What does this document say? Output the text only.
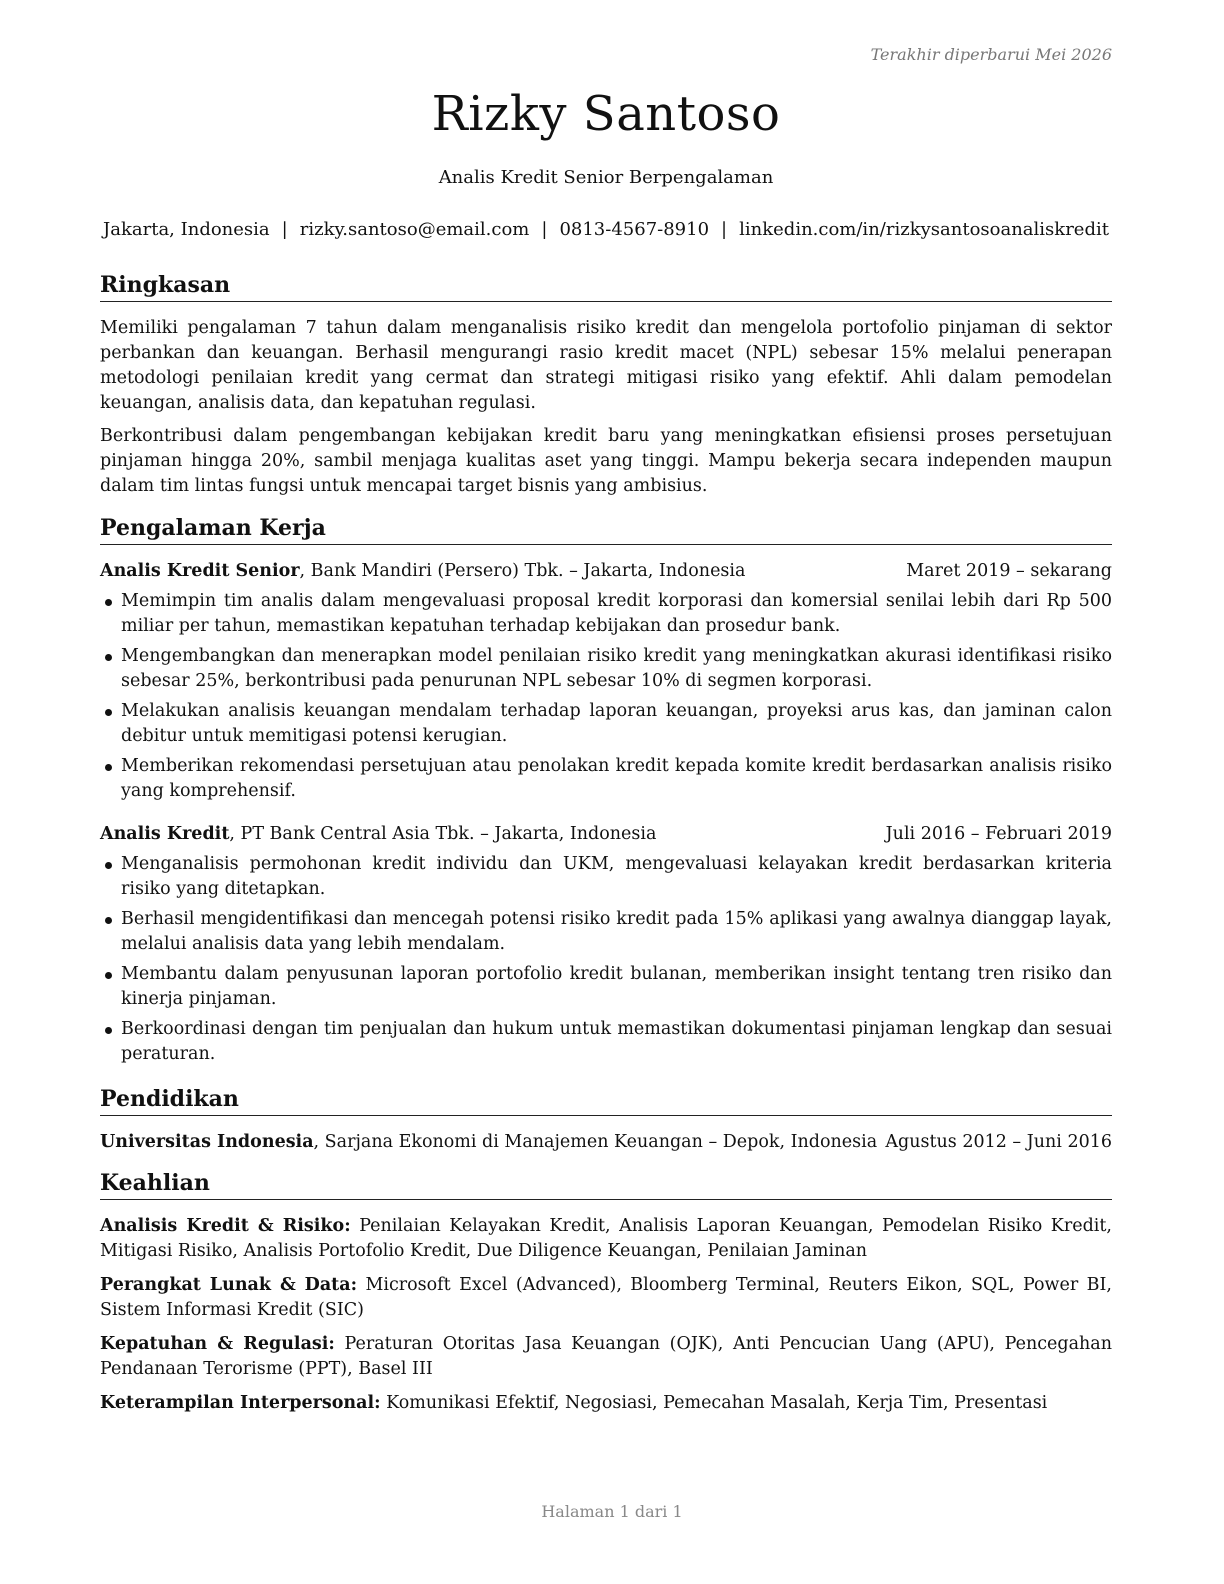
Terakhir diperbarui Mei 2026
Rizky Santoso
Analis Kredit Senior Berpengalaman
Jakarta, Indonesia | rizky.santoso@email.com | 0813-4567-8910 | linkedin.com/in/rizkysantosoanaliskredit
Ringkasan

Memiliki pengalaman 7 tahun dalam menganalisis risiko kredit dan mengelola portofolio pinjaman di sektor perbankan dan keuangan. Berhasil mengurangi rasio kredit macet (NPL) sebesar 15% melalui penerapan metodologi penilaian kredit yang cermat dan strategi mitigasi risiko yang efektif. Ahli dalam pemodelan keuangan, analisis data, dan kepatuhan regulasi.

Berkontribusi dalam pengembangan kebijakan kredit baru yang meningkatkan efisiensi proses persetujuan pinjaman hingga 20%, sambil menjaga kualitas aset yang tinggi. Mampu bekerja secara independen maupun dalam tim lintas fungsi untuk mencapai target bisnis yang ambisius.

Pengalaman Kerja
Analis Kredit Senior, Bank Mandiri (Persero) Tbk. – Jakarta, Indonesia	Maret 2019 – sekarang
Memimpin tim analis dalam mengevaluasi proposal kredit korporasi dan komersial senilai lebih dari Rp 500 miliar per tahun, memastikan kepatuhan terhadap kebijakan dan prosedur bank.
Mengembangkan dan menerapkan model penilaian risiko kredit yang meningkatkan akurasi identifikasi risiko sebesar 25%, berkontribusi pada penurunan NPL sebesar 10% di segmen korporasi.
Melakukan analisis keuangan mendalam terhadap laporan keuangan, proyeksi arus kas, dan jaminan calon debitur untuk memitigasi potensi kerugian.
Memberikan rekomendasi persetujuan atau penolakan kredit kepada komite kredit berdasarkan analisis risiko yang komprehensif.
Analis Kredit, PT Bank Central Asia Tbk. – Jakarta, Indonesia	Juli 2016 – Februari 2019
Menganalisis permohonan kredit individu dan UKM, mengevaluasi kelayakan kredit berdasarkan kriteria risiko yang ditetapkan.
Berhasil mengidentifikasi dan mencegah potensi risiko kredit pada 15% aplikasi yang awalnya dianggap layak, melalui analisis data yang lebih mendalam.
Membantu dalam penyusunan laporan portofolio kredit bulanan, memberikan insight tentang tren risiko dan kinerja pinjaman.
Berkoordinasi dengan tim penjualan dan hukum untuk memastikan dokumentasi pinjaman lengkap dan sesuai peraturan.
Pendidikan
Universitas Indonesia, Sarjana Ekonomi di Manajemen Keuangan – Depok, Indonesia Agustus 2012 – Juni 2016
Keahlian

Analisis Kredit & Risiko: Penilaian Kelayakan Kredit, Analisis Laporan Keuangan, Pemodelan Risiko Kredit, Mitigasi Risiko, Analisis Portofolio Kredit, Due Diligence Keuangan, Penilaian Jaminan

Perangkat Lunak & Data: Microsoft Excel (Advanced), Bloomberg Terminal, Reuters Eikon, SQL, Power BI, Sistem Informasi Kredit (SIC)

Kepatuhan & Regulasi: Peraturan Otoritas Jasa Keuangan (OJK), Anti Pencucian Uang (APU), Pencegahan Pendanaan Terorisme (PPT), Basel III

Keterampilan Interpersonal: Komunikasi Efektif, Negosiasi, Pemecahan Masalah, Kerja Tim, Presentasi

Halaman 1 dari 1
